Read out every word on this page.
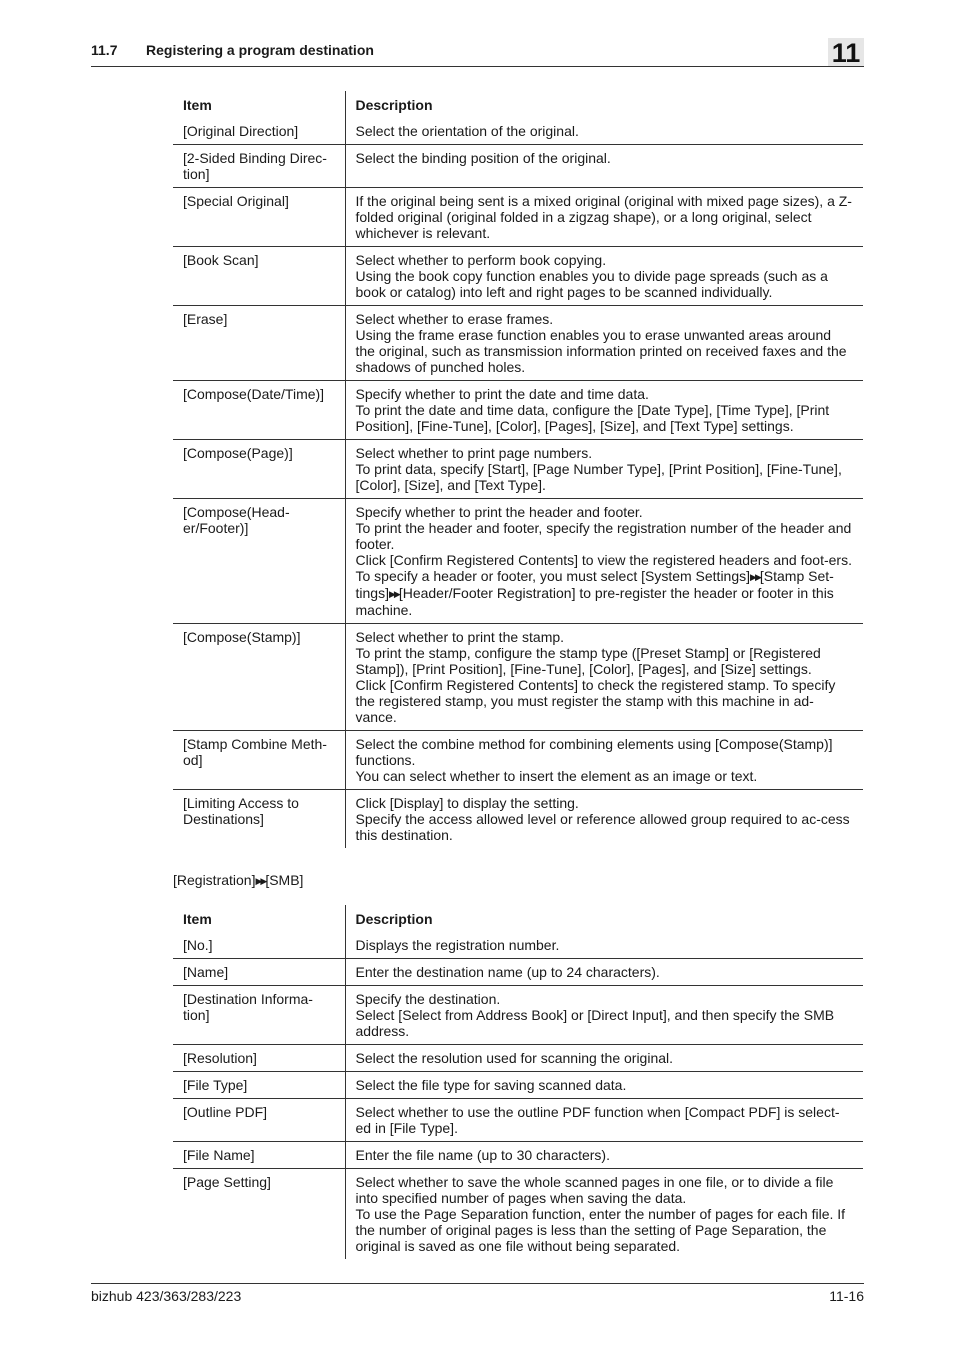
11.7 Registering a program destination	11
Item	Description
[Original Direction]	Select the orientation of the original.

[2-Sided Binding Direc-
tion]	Select the binding position of the original.

[Special Original]	If the original being sent is a mixed original (original with mixed page sizes), a Z-folded original (original folded in a zigzag shape), or a long original, select whichever is relevant.

[Book Scan]	Select whether to perform book copying.
Using the book copy function enables you to divide page spreads (such as a book or catalog) into left and right pages to be scanned individually.

[Erase]	Select whether to erase frames.
Using the frame erase function enables you to erase unwanted areas around the original, such as transmission information printed on received faxes and the shadows of punched holes.

[Compose(Date/Time)]	Specify whether to print the date and time data.
To print the date and time data, configure the [Date Type], [Time Type], [Print Position], [Fine-Tune], [Color], [Pages], [Size], and [Text Type] settings.

[Compose(Page)]	Select whether to print page numbers.
To print data, specify [Start], [Page Number Type], [Print Position], [Fine-Tune], [Color], [Size], and [Text Type].

[Compose(Head-
er/Footer)]	Specify whether to print the header and footer.
To print the header and footer, specify the registration number of the header and footer.
Click [Confirm Registered Contents] to view the registered headers and foot-ers.
To specify a header or footer, you must select [System Settings]▶▶[Stamp Set-tings]▶▶[Header/Footer Registration] to pre-register the header or footer in this machine.

[Compose(Stamp)]	Select whether to print the stamp.
To print the stamp, configure the stamp type ([Preset Stamp] or [Registered Stamp]), [Print Position], [Fine-Tune], [Color], [Pages], and [Size] settings.
Click [Confirm Registered Contents] to check the registered stamp. To specify the registered stamp, you must register the stamp with this machine in ad-vance.

[Stamp Combine Meth-
od]	Select the combine method for combining elements using [Compose(Stamp)] functions.
You can select whether to insert the element as an image or text.

[Limiting Access to
Destinations]	Click [Display] to display the setting.
Specify the access allowed level or reference allowed group required to ac-cess this destination.
[Registration]▶▶[SMB]
Item	Description
[No.]	Displays the registration number.

[Name]	Enter the destination name (up to 24 characters).

[Destination Informa-
tion]	Specify the destination.
Select [Select from Address Book] or [Direct Input], and then specify the SMB address.

[Resolution]	Select the resolution used for scanning the original.

[File Type]	Select the file type for saving scanned data.

[Outline PDF]	Select whether to use the outline PDF function when [Compact PDF] is select-ed in [File Type].

[File Name]	Enter the file name (up to 30 characters).

[Page Setting]	Select whether to save the whole scanned pages in one file, or to divide a file into specified number of pages when saving the data.
To use the Page Separation function, enter the number of pages for each file. If the number of original pages is less than the setting of Page Separation, the original is saved as one file without being separated.
bizhub 423/363/283/223	11-16
